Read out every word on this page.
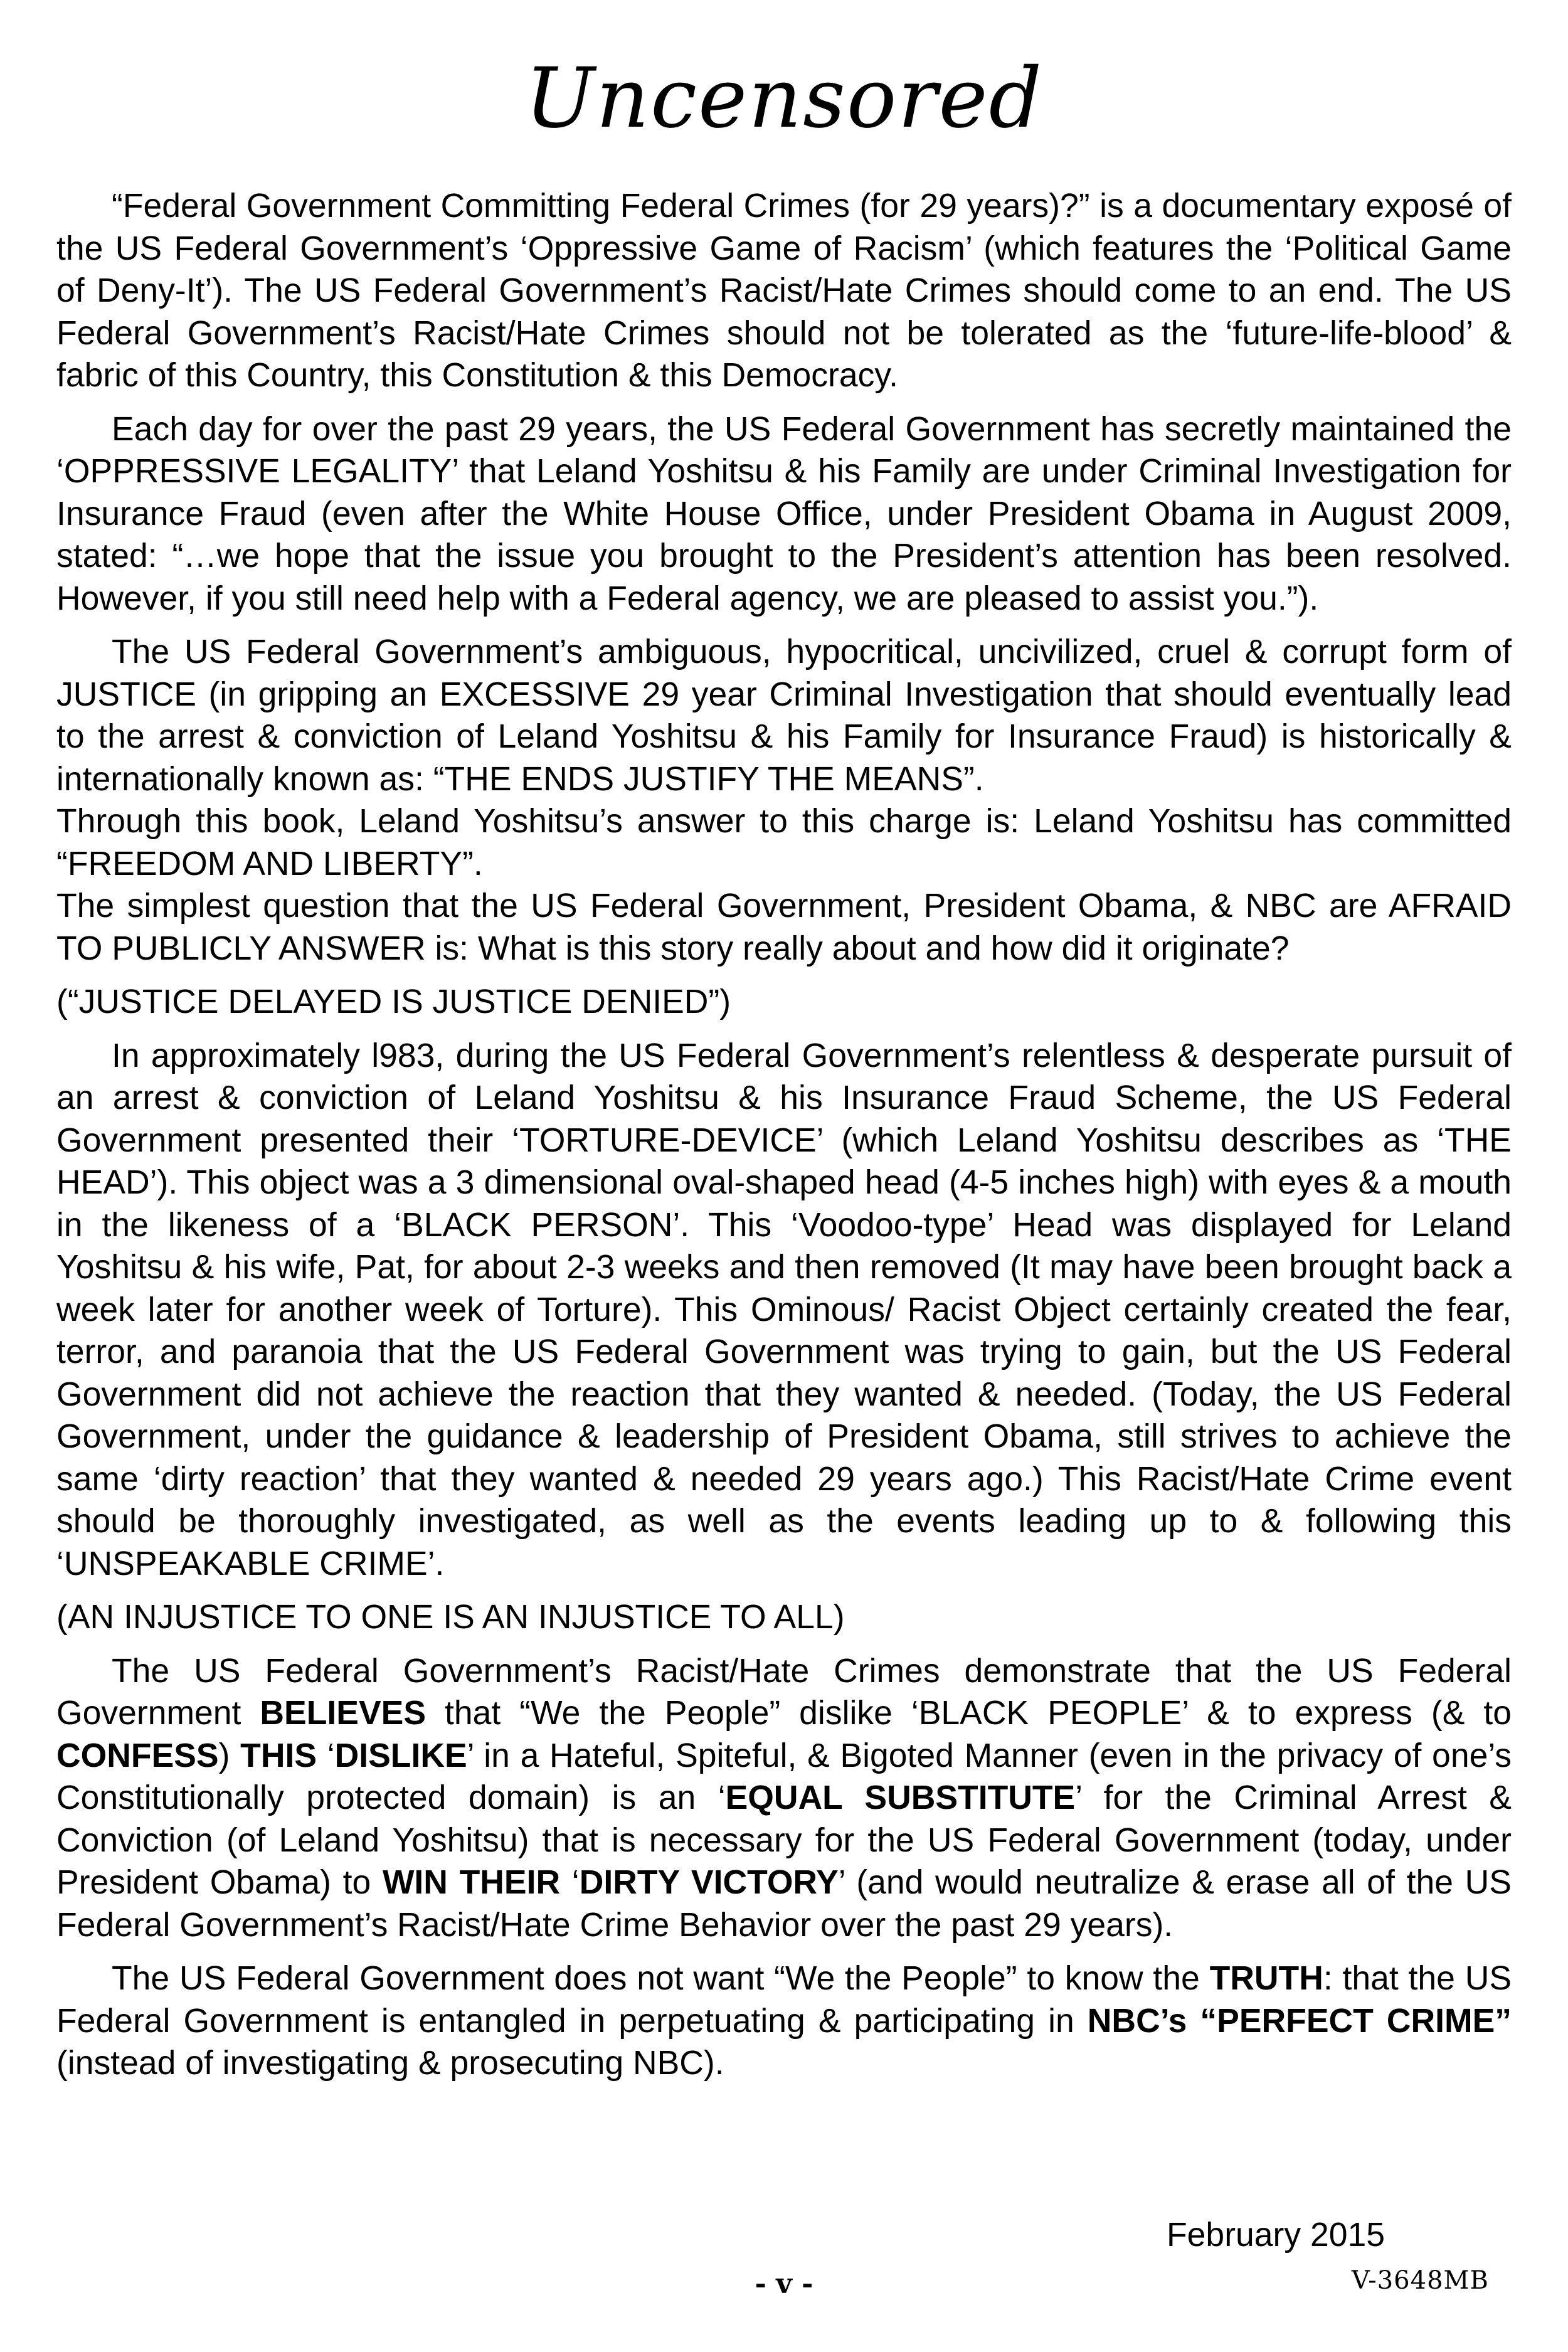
Uncensored

“Federal Government Committing Federal Crimes (for 29 years)?” is a documentary exposé of the US Federal Government’s ‘Oppressive Game of Racism’ (which features the ‘Political Game of Deny-It’). The US Federal Government’s Racist/Hate Crimes should come to an end. The US Federal Government’s Racist/Hate Crimes should not be tolerated as the ‘future-life-blood’ & fabric of this Country, this Constitution & this Democracy.

Each day for over the past 29 years, the US Federal Government has secretly maintained the ‘OPPRESSIVE LEGALITY’ that Leland Yoshitsu & his Family are under Criminal Investigation for Insurance Fraud (even after the White House Office, under President Obama in August 2009, stated: “…we hope that the issue you brought to the President’s attention has been resolved. However, if you still need help with a Federal agency, we are pleased to assist you.”).

The US Federal Government’s ambiguous, hypocritical, uncivilized, cruel & corrupt form of JUSTICE (in gripping an EXCESSIVE 29 year Criminal Investigation that should eventually lead to the arrest & conviction of Leland Yoshitsu & his Family for Insurance Fraud) is historically & internationally known as: “THE ENDS JUSTIFY THE MEANS”.

Through this book, Leland Yoshitsu’s answer to this charge is: Leland Yoshitsu has committed “FREEDOM AND LIBERTY”.

The simplest question that the US Federal Government, President Obama, & NBC are AFRAID TO PUBLICLY ANSWER is: What is this story really about and how did it originate?

(“JUSTICE DELAYED IS JUSTICE DENIED”)

In approximately l983, during the US Federal Government’s relentless & desperate pursuit of an arrest & conviction of Leland Yoshitsu & his Insurance Fraud Scheme, the US Federal Government presented their ‘TORTURE-DEVICE’ (which Leland Yoshitsu describes as ‘THE HEAD’). This object was a 3 dimensional oval-shaped head (4-5 inches high) with eyes & a mouth in the likeness of a ‘BLACK PERSON’. This ‘Voodoo-type’ Head was displayed for Leland Yoshitsu & his wife, Pat, for about 2-3 weeks and then removed (It may have been brought back a week later for another week of Torture). This Ominous/ Racist Object certainly created the fear, terror, and paranoia that the US Federal Government was trying to gain, but the US Federal Government did not achieve the reaction that they wanted & needed. (Today, the US Federal Government, under the guidance & leadership of President Obama, still strives to achieve the same ‘dirty reaction’ that they wanted & needed 29 years ago.) This Racist/Hate Crime event should be thoroughly investigated, as well as the events leading up to & following this ‘UNSPEAKABLE CRIME’.

(AN INJUSTICE TO ONE IS AN INJUSTICE TO ALL)

The US Federal Government’s Racist/Hate Crimes demonstrate that the US Federal Government BELIEVES that “We the People” dislike ‘BLACK PEOPLE’ & to express (& to CONFESS) THIS ‘DISLIKE’ in a Hateful, Spiteful, & Bigoted Manner (even in the privacy of one’s Constitutionally protected domain) is an ‘EQUAL SUBSTITUTE’ for the Criminal Arrest & Conviction (of Leland Yoshitsu) that is necessary for the US Federal Government (today, under President Obama) to WIN THEIR ‘DIRTY VICTORY’ (and would neutralize & erase all of the US Federal Government’s Racist/Hate Crime Behavior over the past 29 years).

The US Federal Government does not want “We the People” to know the TRUTH: that the US Federal Government is entangled in perpetuating & participating in NBC’s “PERFECT CRIME” (instead of investigating & prosecuting NBC).

February 2015
- v -	V-3648MB
